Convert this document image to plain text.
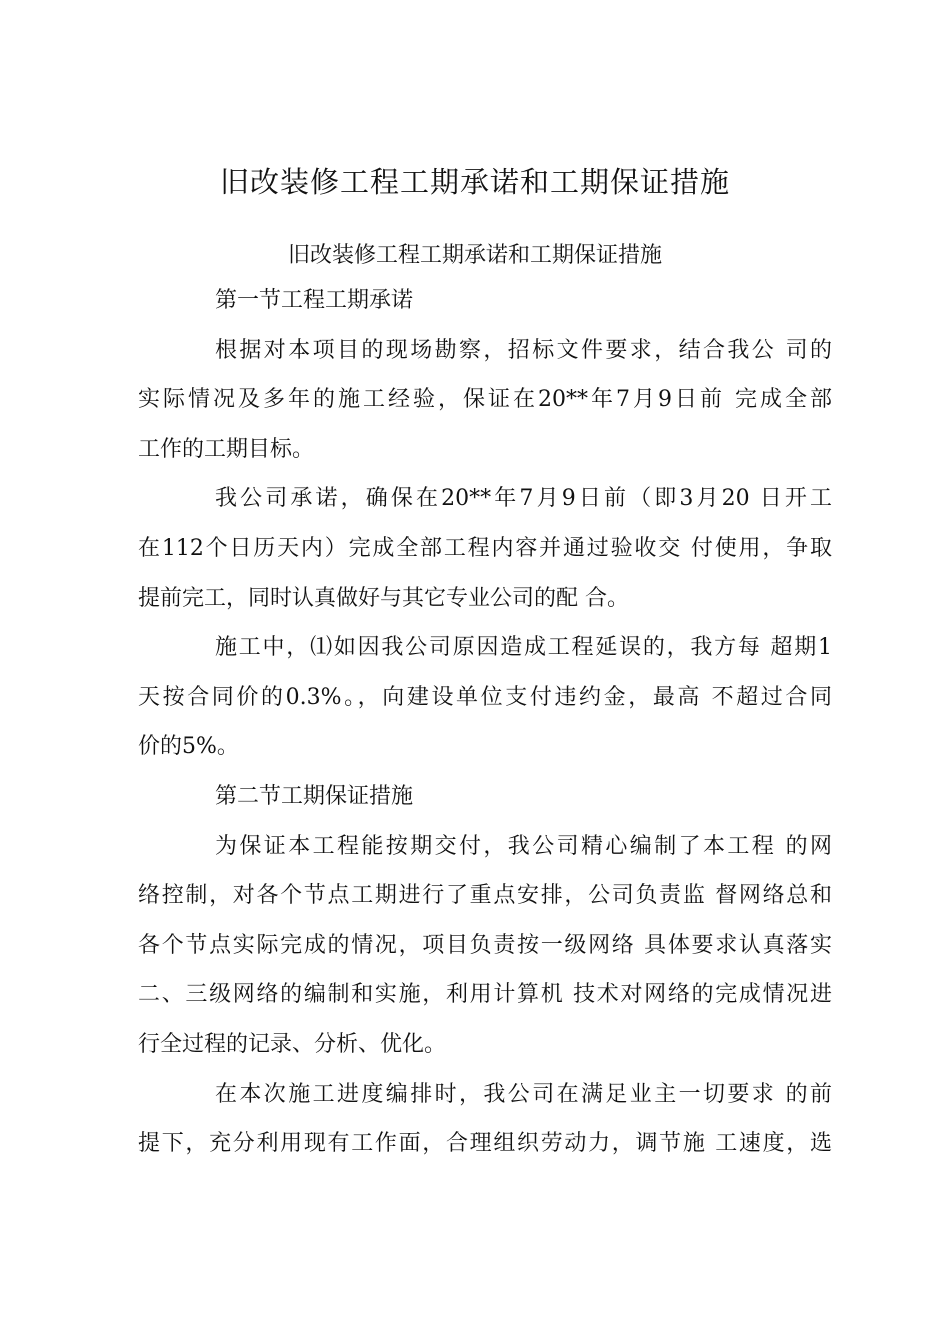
旧改装修工程工期承诺和工期保证措施
旧改装修工程工期承诺和工期保证措施
第一节工程工期承诺
根据对本项目的现场勘察，招标文件要求，结合我公 司的
实际情况及多年的施工经验，保证在20**年7月9日前 完成全部
工作的工期目标。
我公司承诺，确保在20**年7月9日前（即3月20 日开工
在112个日历天内）完成全部工程内容并通过验收交 付使用，争取
提前完工，同时认真做好与其它专业公司的配 合。
施工中，⑴如因我公司原因造成工程延误的，我方每 超期1
天按合同价的0.3%。，向建设单位支付违约金，最高 不超过合同
价的5%。
第二节工期保证措施
为保证本工程能按期交付，我公司精心编制了本工程 的网
络控制，对各个节点工期进行了重点安排，公司负责监 督网络总和
各个节点实际完成的情况，项目负责按一级网络 具体要求认真落实
二、三级网络的编制和实施，利用计算机 技术对网络的完成情况进
行全过程的记录、分析、优化。
在本次施工进度编排时，我公司在满足业主一切要求 的前
提下，充分利用现有工作面，合理组织劳动力，调节施 工速度，选
